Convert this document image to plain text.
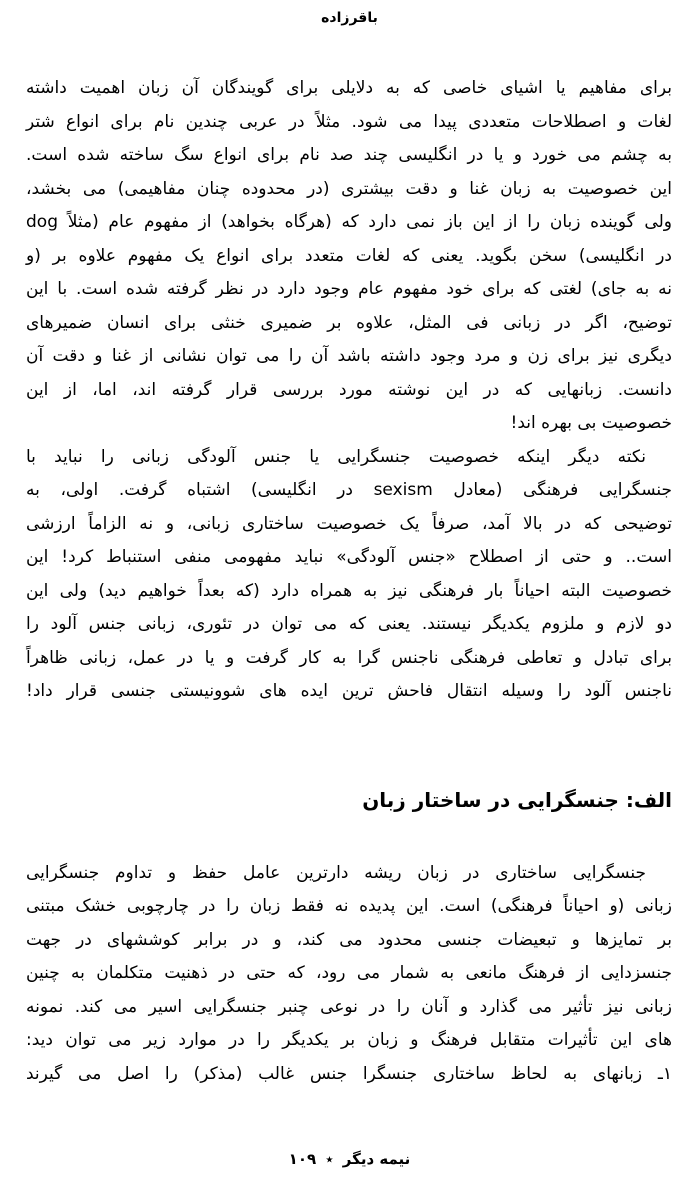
باقرزاده
برای مفاهیم یا اشیای خاصی که به دلایلی برای گویندگان آن زبان اهمیت داشته
لغات و اصطلاحات متعددی پیدا می شود. مثلاً در عربی چندین نام برای انواع شتر
به چشم می خورد و یا در انگلیسی چند صد نام برای انواع سگ ساخته شده است.
این خصوصیت به زبان غنا و دقت بیشتری (در محدوده چنان مفاهیمی) می بخشد،
ولی گوینده زبان را از این باز نمی دارد که (هرگاه بخواهد) از مفهوم عام (مثلاً dog
در انگلیسی) سخن بگوید. یعنی که لغات متعدد برای انواع یک مفهوم علاوه بر (و
نه به جای) لغتی که برای خود مفهوم عام وجود دارد در نظر گرفته شده است. با این
توضیح، اگر در زبانی فی المثل، علاوه بر ضمیری خنثی برای انسان ضمیرهای
دیگری نیز برای زن و مرد وجود داشته باشد آن را می توان نشانی از غنا و دقت آن
دانست. زبانهایی که در این نوشته مورد بررسی قرار گرفته اند، اما، از این
خصوصیت بی بهره اند!
نکته دیگر اینکه خصوصیت جنسگرایی یا جنس آلودگی زبانی را نباید با
جنسگرایی فرهنگی (معادل sexism در انگلیسی) اشتباه گرفت. اولی، به
توضیحی که در بالا آمد، صرفاً یک خصوصیت ساختاری زبانی، و نه الزاماً ارزشی
است.. و حتی از اصطلاح «جنس آلودگی» نباید مفهومی منفی استنباط کرد! این
خصوصیت البته احیاناً بار فرهنگی نیز به همراه دارد (که بعداً خواهیم دید) ولی این
دو لازم و ملزوم یکدیگر نیستند. یعنی که می توان در تئوری، زبانی جنس آلود را
برای تبادل و تعاطی فرهنگی ناجنس گرا به کار گرفت و یا در عمل، زبانی ظاهراً
ناجنس آلود را وسیله انتقال فاحش ترین ایده های شوونیستی جنسی قرار داد!
الف: جنسگرایی در ساختار زبان
جنسگرایی ساختاری در زبان ریشه دارترین عامل حفظ و تداوم جنسگرایی
زبانی (و احیاناً فرهنگی) است. این پدیده نه فقط زبان را در چارچوبی خشک مبتنی
بر تمایزها و تبعیضات جنسی محدود می کند، و در برابر کوششهای در جهت
جنسزدایی از فرهنگ مانعی به شمار می رود، که حتی در ذهنیت متکلمان به چنین
زبانی نیز تأثیر می گذارد و آنان را در نوعی چنبر جنسگرایی اسیر می کند. نمونه
های این تأثیرات متقابل فرهنگ و زبان بر یکدیگر را در موارد زیر می توان دید:
۱ـ زبانهای به لحاظ ساختاری جنسگرا جنس غالب (مذکر) را اصل می گیرند
نیمه دیگر ٭ ۱۰۹
